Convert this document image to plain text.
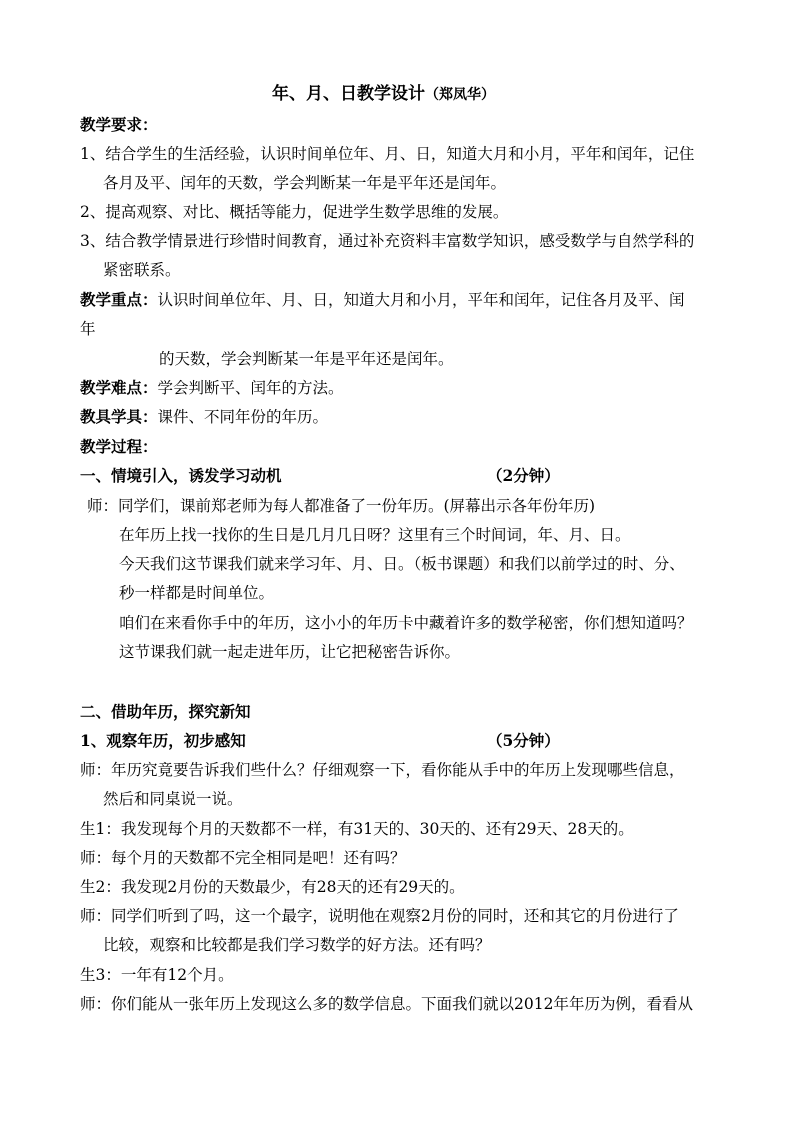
年、月、日教学设计（郑凤华）
教学要求：
1、结合学生的生活经验，认识时间单位年、月、日，知道大月和小月，平年和闰年，记住
各月及平、闰年的天数，学会判断某一年是平年还是闰年。
2、提高观察、对比、概括等能力，促进学生数学思维的发展。
3、结合教学情景进行珍惜时间教育，通过补充资料丰富数学知识，感受数学与自然学科的
紧密联系。
教学重点：认识时间单位年、月、日，知道大月和小月，平年和闰年，记住各月及平、闰
年
的天数，学会判断某一年是平年还是闰年。
教学难点：学会判断平、闰年的方法。
教具学具：课件、不同年份的年历。
教学过程：
一、情境引入，诱发学习动机	（2分钟）
师：同学们，课前郑老师为每人都准备了一份年历。(屏幕出示各年份年历)
在年历上找一找你的生日是几月几日呀？这里有三个时间词，年、月、日。
今天我们这节课我们就来学习年、月、日。（板书课题）和我们以前学过的时、分、
秒一样都是时间单位。
咱们在来看你手中的年历，这小小的年历卡中藏着许多的数学秘密，你们想知道吗？
这节课我们就一起走进年历，让它把秘密告诉你。
二、借助年历，探究新知
1、观察年历，初步感知	（5分钟）
师：年历究竟要告诉我们些什么？仔细观察一下，看你能从手中的年历上发现哪些信息，
然后和同桌说一说。
生1：我发现每个月的天数都不一样，有31天的、30天的、还有29天、28天的。
师：每个月的天数都不完全相同是吧！还有吗？
生2：我发现2月份的天数最少，有28天的还有29天的。
师：同学们听到了吗，这一个最字，说明他在观察2月份的同时，还和其它的月份进行了
比较，观察和比较都是我们学习数学的好方法。还有吗？
生3：一年有12个月。
师：你们能从一张年历上发现这么多的数学信息。下面我们就以2012年年历为例，看看从
